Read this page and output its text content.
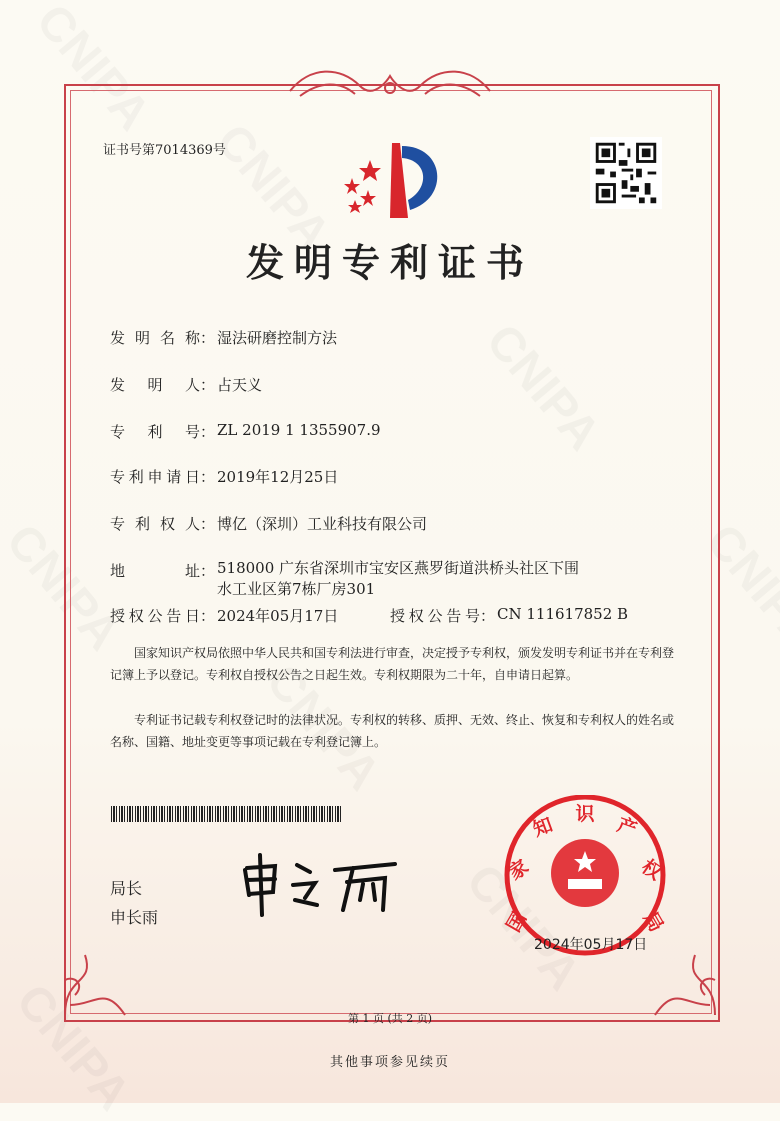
证书号第7014369号
发明专利证书
发明名称 ： 湿法研磨控制方法
发明人 ： 占天义
专利号 ： ZL 2019 1 1355907.9
专利申请日 ： 2019年12月25日
专利权人 ： 博亿（深圳）工业科技有限公司
地址 ： 518000 广东省深圳市宝安区燕罗街道洪桥头社区下围
水工业区第7栋厂房301
授权公告日 ： 2024年05月17日	授权公告号 ： CN 111617852 B
国家知识产权局依照中华人民共和国专利法进行审查，决定授予专利权，颁发发明专利证书并在专利登记簿上予以登记。专利权自授权公告之日起生效。专利权期限为二十年，自申请日起算。
专利证书记载专利权登记时的法律状况。专利权的转移、质押、无效、终止、恢复和专利权人的姓名或名称、国籍、地址变更等事项记载在专利登记簿上。
局长
申长雨	国
家
知 识 产
权
局
2024年05月17日
第 1 页 (共 2 页)
其他事项参见续页
